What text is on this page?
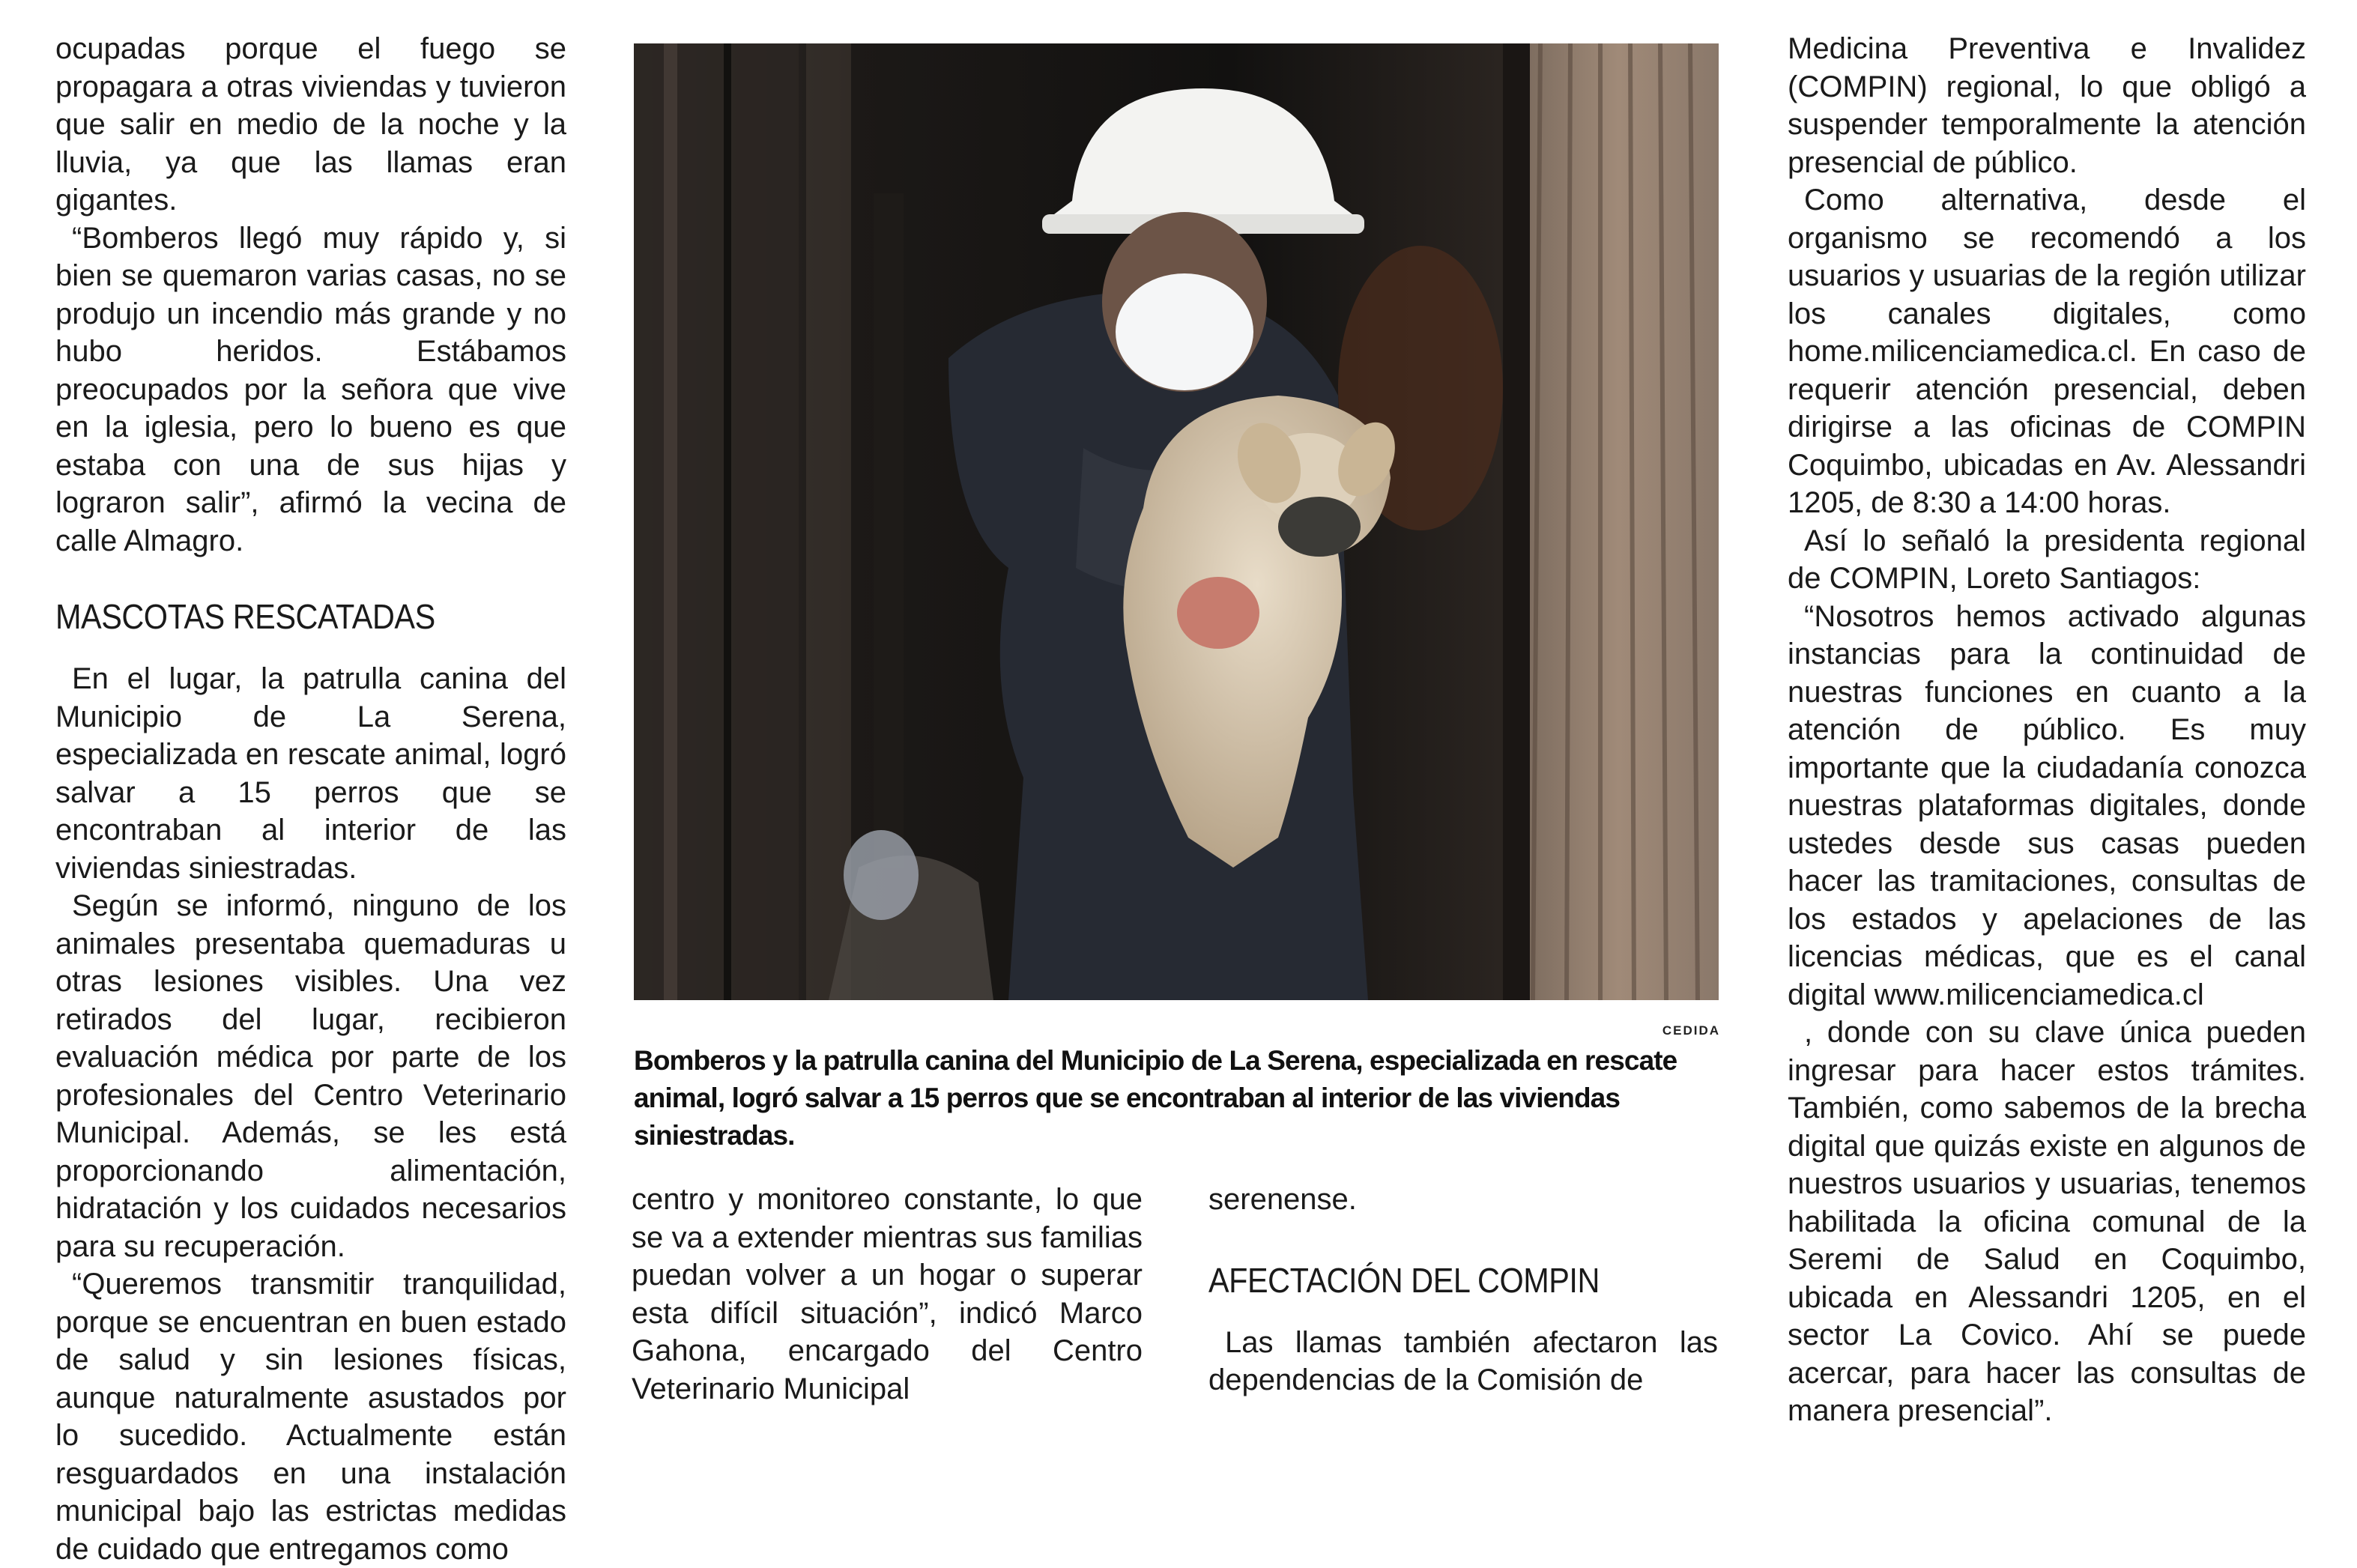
ocupadas porque el fuego se propagara a otras viviendas y tuvieron que salir en medio de la noche y la lluvia, ya que las llamas eran gigantes.

“Bomberos llegó muy rápido y, si bien se quemaron varias casas, no se produjo un incendio más grande y no hubo heridos. Estábamos preocupados por la señora que vive en la iglesia, pero lo bueno es que estaba con una de sus hijas y lograron salir”, afirmó la vecina de calle Almagro.

MASCOTAS RESCATADAS

En el lugar, la patrulla canina del Municipio de La Serena, especializada en rescate animal, logró salvar a 15 perros que se encontraban al interior de las viviendas siniestradas.

Según se informó, ninguno de los animales presentaba quemaduras u otras lesiones visibles. Una vez retirados del lugar, recibieron evaluación médica por parte de los profesionales del Centro Veterinario Municipal. Además, se les está proporcionando alimentación, hidratación y los cuidados necesarios para su recuperación.

“Queremos transmitir tranquilidad, porque se encuentran en buen estado de salud y sin lesiones físicas, aunque naturalmente asustados por lo sucedido. Actualmente están resguardados en una instalación municipal bajo las estrictas medidas de cuidado que entregamos como

CEDIDA
Bomberos y la patrulla canina del Municipio de La Serena, especializada en rescate animal, logró salvar a 15 perros que se encontraban al interior de las viviendas siniestradas.

centro y monitoreo constante, lo que se va a extender mientras sus familias puedan volver a un hogar o superar esta difícil situación”, indicó Marco Gahona, encargado del Centro Veterinario Municipal

serenense.

AFECTACIÓN DEL COMPIN

Las llamas también afectaron las dependencias de la Comisión de

Medicina Preventiva e Invalidez (COMPIN) regional, lo que obligó a suspender temporalmente la atención presencial de público.

Como alternativa, desde el organismo se recomendó a los usuarios y usuarias de la región utilizar los canales digitales, como home.milicenciamedica.cl. En caso de requerir atención presencial, deben dirigirse a las oficinas de COMPIN Coquimbo, ubicadas en Av. Alessandri 1205, de 8:30 a 14:00 horas.

Así lo señaló la presidenta regional de COMPIN, Loreto Santiagos:

“Nosotros hemos activado algunas instancias para la continuidad de nuestras funciones en cuanto a la atención de público. Es muy importante que la ciudadanía conozca nuestras plataformas digitales, donde ustedes desde sus casas pueden hacer las tramitaciones, consultas de los estados y apelaciones de las licencias médicas, que es el canal digital www.milicenciamedica.cl

, donde con su clave única pueden ingresar para hacer estos trámites. También, como sabemos de la brecha digital que quizás existe en algunos de nuestros usuarios y usuarias, tenemos habilitada la oficina comunal de la Seremi de Salud en Coquimbo, ubicada en Alessandri 1205, en el sector La Covico. Ahí se puede acercar, para hacer las consultas de manera presencial”.
